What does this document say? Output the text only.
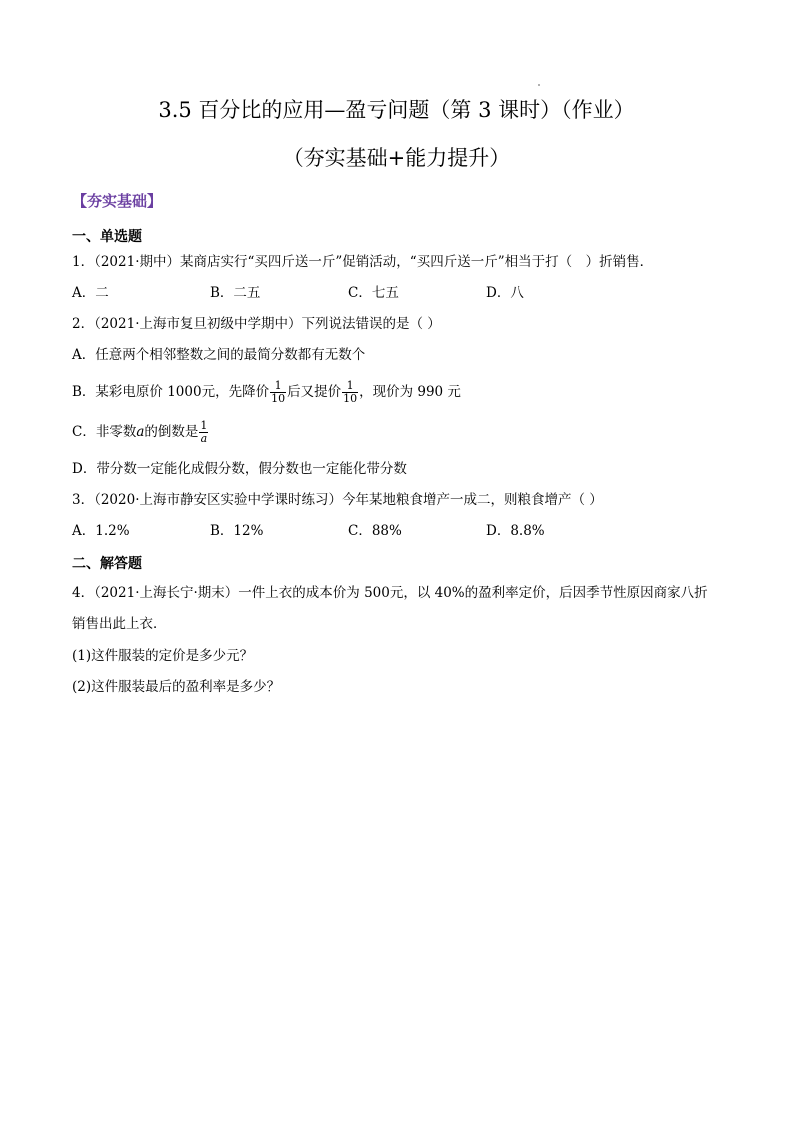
3.5 百分比的应用—盈亏问题（第 3 课时）（作业）
（夯实基础+能力提升）
【夯实基础】
一、单选题
1．（2021·期中）某商店实行“买四斤送一斤”促销活动，“买四斤送一斤”相当于打（　）折销售．
A．二	B．二五	C．七五	D．八
2．（2021·上海市复旦初级中学期中）下列说法错误的是（ ）
A．任意两个相邻整数之间的最简分数都有无数个
B．某彩电原价 1000元，先降价 $\frac{1}{10}$ 后又提价 $\frac{1}{10}$ ，现价为 990 元
C．非零数a的倒数是 $\frac{1}{a}$
D．带分数一定能化成假分数，假分数也一定能化带分数
3．（2020·上海市静安区实验中学课时练习）今年某地粮食增产一成二，则粮食增产（ ）
A．1.2%	B．12%	C．88%	D．8.8%
二、解答题
4．（2021·上海长宁·期末）一件上衣的成本价为 500元，以 40%的盈利率定价，后因季节性原因商家八折
销售出此上衣．
(1)这件服装的定价是多少元？
(2)这件服装最后的盈利率是多少？
